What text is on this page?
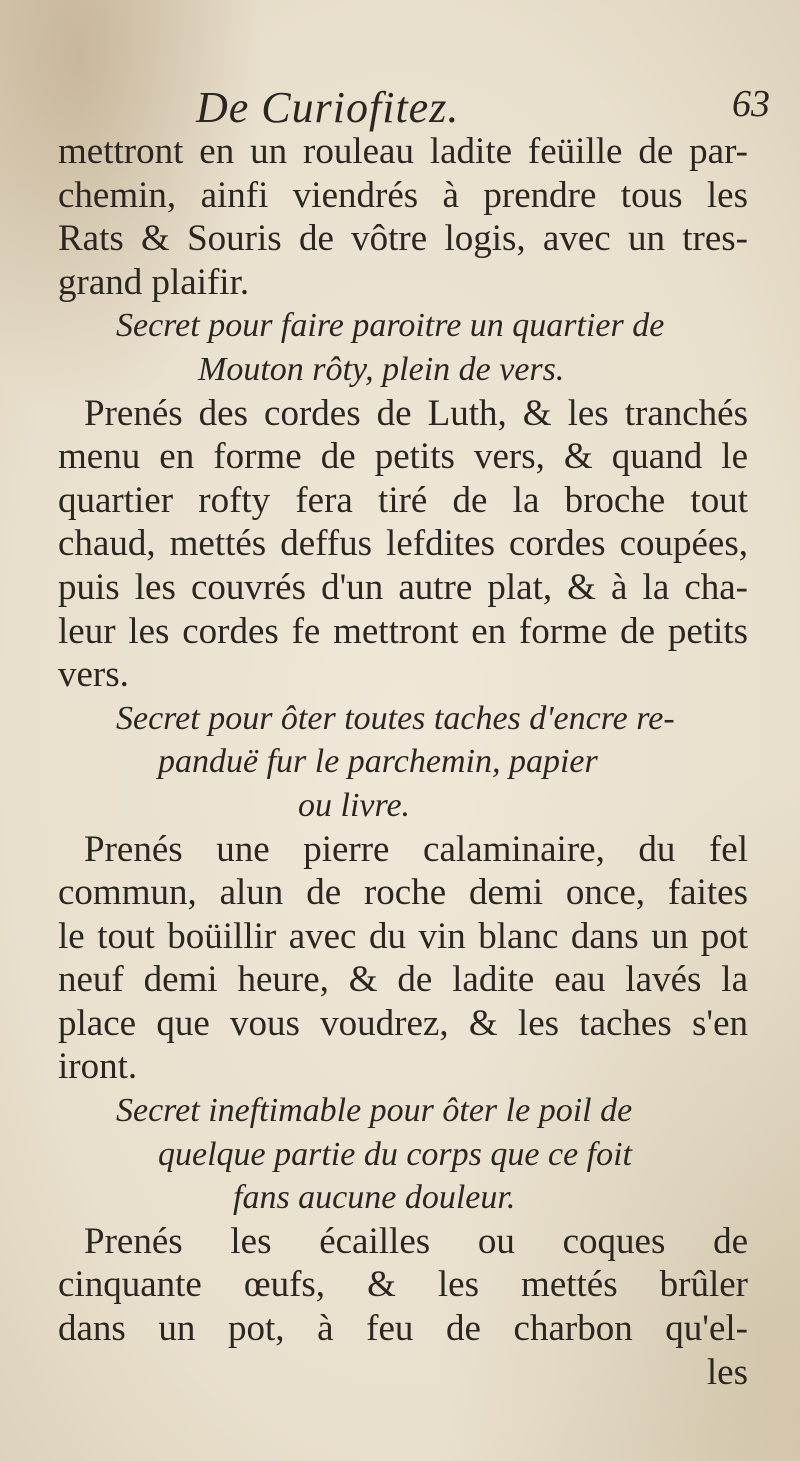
De Curiofitez.	63
mettront en un rouleau ladite feüille de par-
chemin, ainfi viendrés à prendre tous les
Rats & Souris de vôtre logis, avec un tres-
grand plaifir.
Secret pour faire paroitre un quartier de
Mouton rôty, plein de vers.
Prenés des cordes de Luth, & les tranchés
menu en forme de petits vers, & quand le
quartier rofty fera tiré de la broche tout
chaud, mettés deffus lefdites cordes coupées,
puis les couvrés d'un autre plat, & à la cha-
leur les cordes fe mettront en forme de petits
vers.
Secret pour ôter toutes taches d'encre re-
panduë fur le parchemin, papier
ou livre.
Prenés une pierre calaminaire, du fel
commun, alun de roche demi once, faites
le tout boüillir avec du vin blanc dans un pot
neuf demi heure, & de ladite eau lavés la
place que vous voudrez, & les taches s'en
iront.
Secret ineftimable pour ôter le poil de
quelque partie du corps que ce foit
fans aucune douleur.
Prenés les écailles ou coques de
cinquante œufs, & les mettés brûler
dans un pot, à feu de charbon qu'el-
les
